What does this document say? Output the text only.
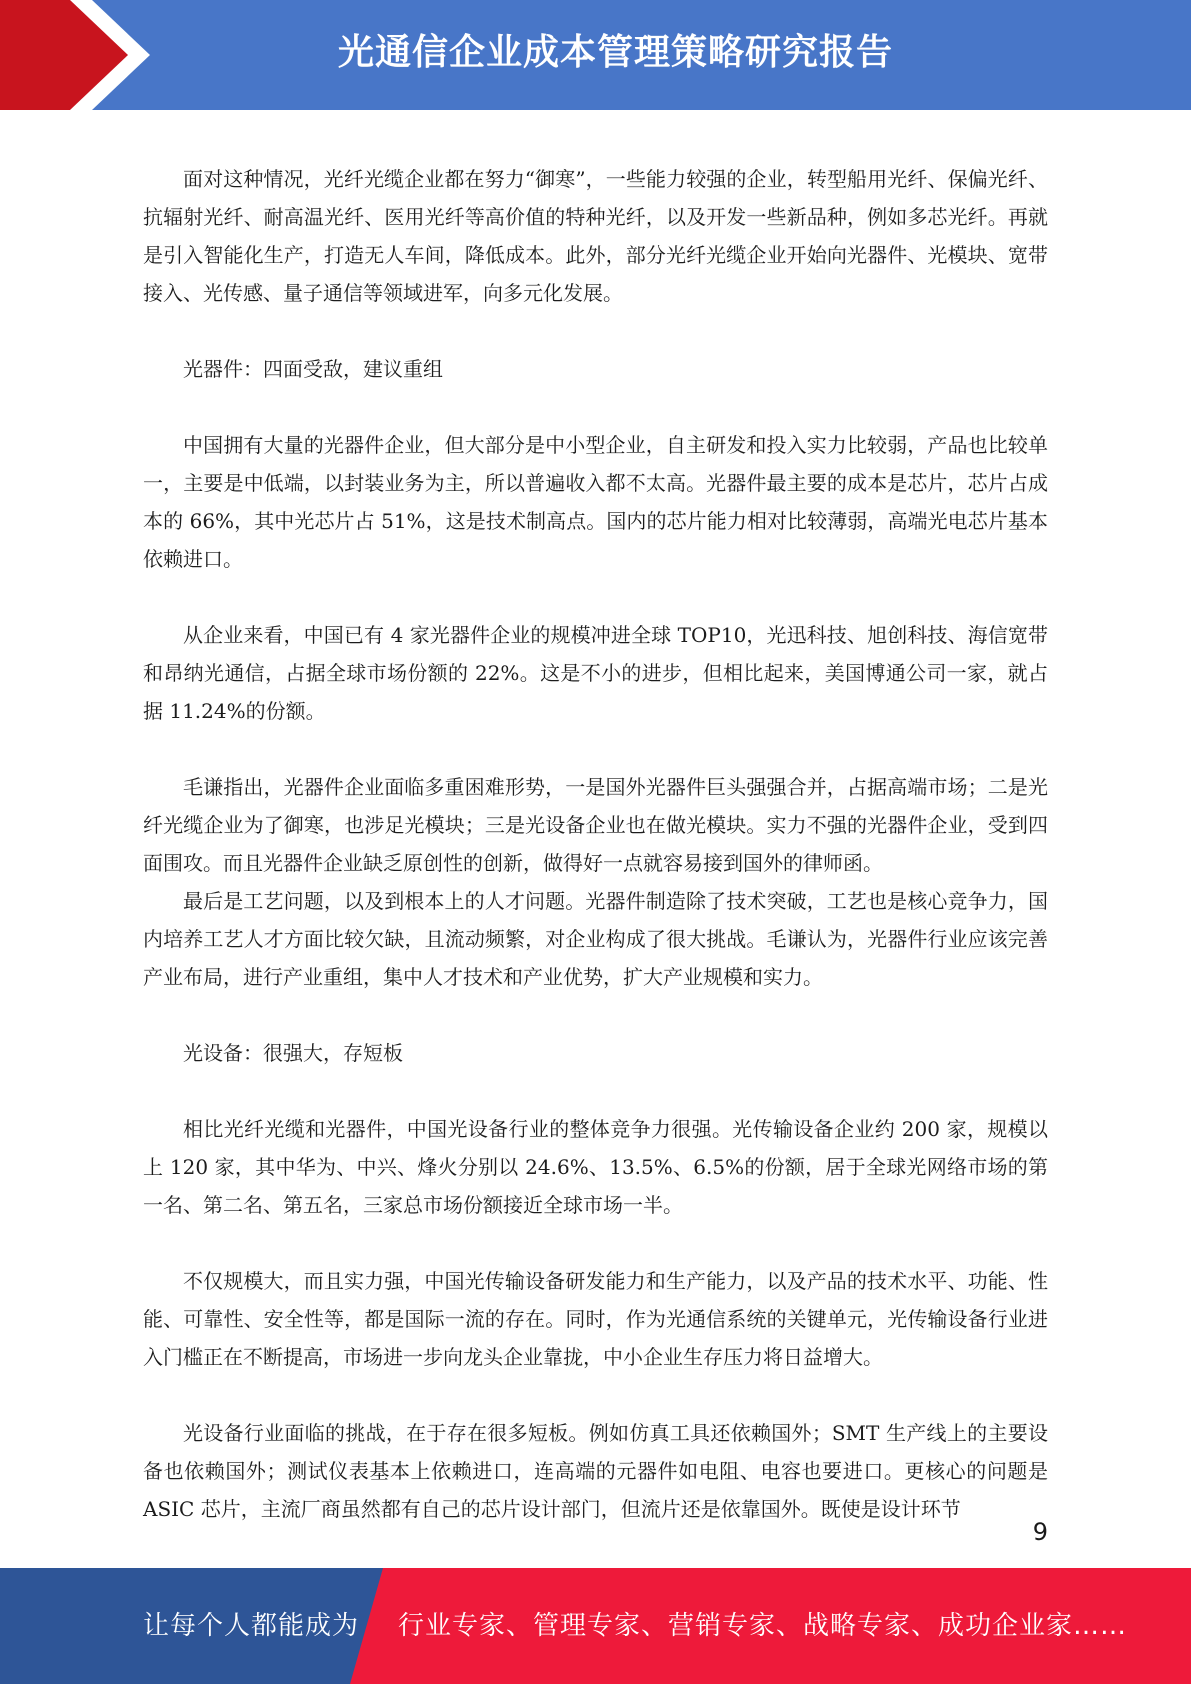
光通信企业成本管理策略研究报告

面对这种情况，光纤光缆企业都在努力“御寒”，一些能力较强的企业，转型船用光纤、保偏光纤、抗辐射光纤、耐高温光纤、医用光纤等高价值的特种光纤，以及开发一些新品种，例如多芯光纤。再就是引入智能化生产，打造无人车间，降低成本。此外，部分光纤光缆企业开始向光器件、光模块、宽带接入、光传感、量子通信等领域进军，向多元化发展。

光器件：四面受敌，建议重组

中国拥有大量的光器件企业，但大部分是中小型企业，自主研发和投入实力比较弱，产品也比较单一，主要是中低端，以封装业务为主，所以普遍收入都不太高。光器件最主要的成本是芯片，芯片占成本的 66%，其中光芯片占 51%，这是技术制高点。国内的芯片能力相对比较薄弱，高端光电芯片基本依赖进口。

从企业来看，中国已有 4 家光器件企业的规模冲进全球 TOP10，光迅科技、旭创科技、海信宽带和昂纳光通信，占据全球市场份额的 22%。这是不小的进步，但相比起来，美国博通公司一家，就占据 11.24%的份额。

毛谦指出，光器件企业面临多重困难形势，一是国外光器件巨头强强合并，占据高端市场；二是光纤光缆企业为了御寒，也涉足光模块；三是光设备企业也在做光模块。实力不强的光器件企业，受到四面围攻。而且光器件企业缺乏原创性的创新，做得好一点就容易接到国外的律师函。

最后是工艺问题，以及到根本上的人才问题。光器件制造除了技术突破，工艺也是核心竞争力，国内培养工艺人才方面比较欠缺，且流动频繁，对企业构成了很大挑战。毛谦认为，光器件行业应该完善产业布局，进行产业重组，集中人才技术和产业优势，扩大产业规模和实力。

光设备：很强大，存短板

相比光纤光缆和光器件，中国光设备行业的整体竞争力很强。光传输设备企业约 200 家，规模以上 120 家，其中华为、中兴、烽火分别以 24.6%、13.5%、6.5%的份额，居于全球光网络市场的第一名、第二名、第五名，三家总市场份额接近全球市场一半。

不仅规模大，而且实力强，中国光传输设备研发能力和生产能力，以及产品的技术水平、功能、性能、可靠性、安全性等，都是国际一流的存在。同时，作为光通信系统的关键单元，光传输设备行业进入门槛正在不断提高，市场进一步向龙头企业靠拢，中小企业生存压力将日益增大。

光设备行业面临的挑战，在于存在很多短板。例如仿真工具还依赖国外；SMT 生产线上的主要设备也依赖国外；测试仪表基本上依赖进口，连高端的元器件如电阻、电容也要进口。更核心的问题是 ASIC 芯片，主流厂商虽然都有自己的芯片设计部门，但流片还是依靠国外。既使是设计环节

9
让每个人都能成为 行业专家、管理专家、营销专家、战略专家、成功企业家……
